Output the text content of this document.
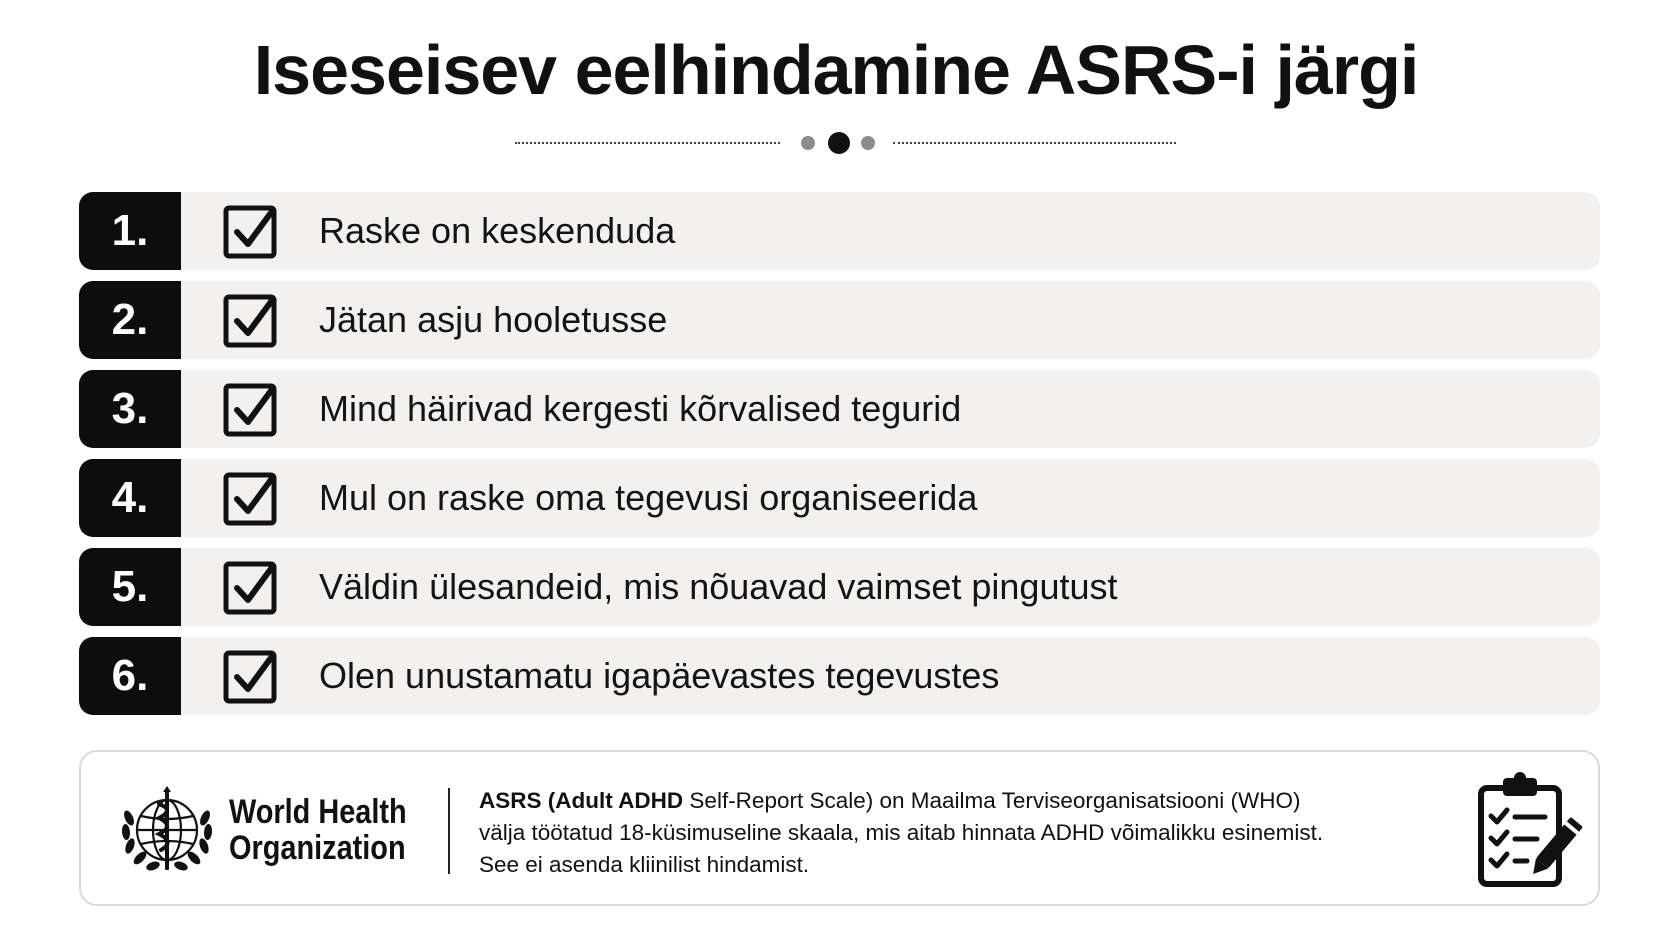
Iseseisev eelhindamine ASRS-i järgi
1.	Raske on keskenduda
2.	Jätan asju hooletusse
3.	Mind häirivad kergesti kõrvalised tegurid
4.	Mul on raske oma tegevusi organiseerida
5.	Väldin ülesandeid, mis nõuavad vaimset pingutust
6.	Olen unustamatu igapäevastes tegevustes
World Health
Organization
ASRS (Adult ADHD Self-Report Scale) on Maailma Terviseorganisatsiooni (WHO)
välja töötatud 18-küsimuseline skaala, mis aitab hinnata ADHD võimalikku esinemist.
See ei asenda kliinilist hindamist.
